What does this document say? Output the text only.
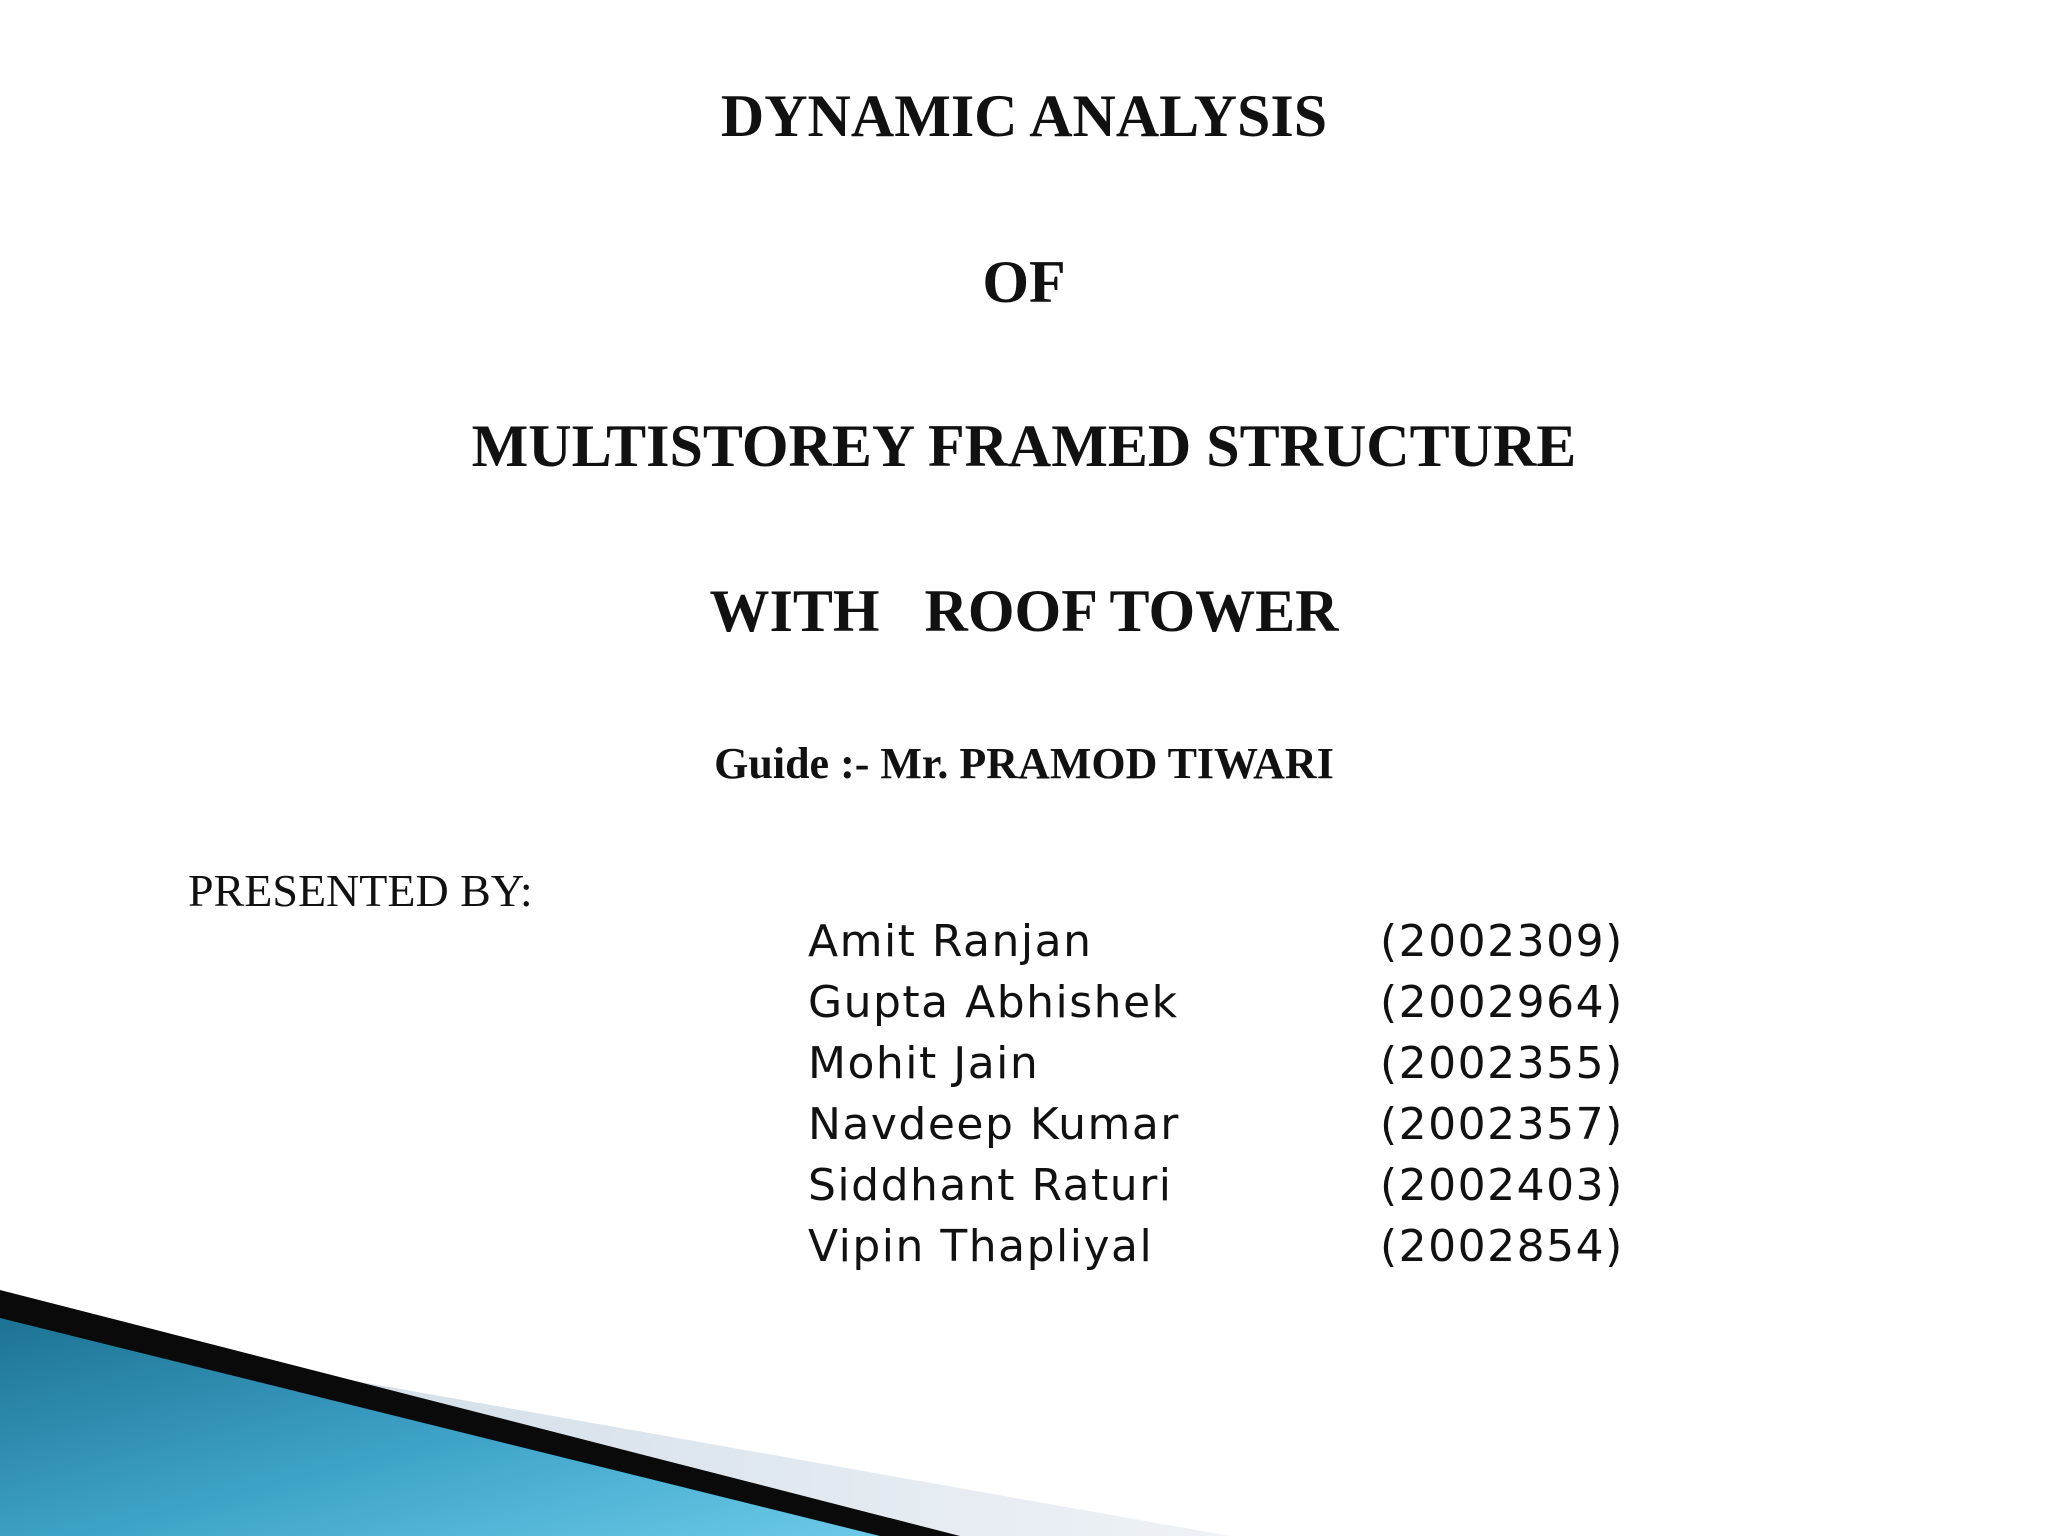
DYNAMIC ANALYSIS
OF
MULTISTOREY FRAMED STRUCTURE
WITH   ROOF TOWER
Guide :- Mr. PRAMOD TIWARI
PRESENTED BY:
Amit Ranjan	(2002309)
Gupta Abhishek	(2002964)
Mohit Jain	(2002355)
Navdeep Kumar	(2002357)
Siddhant Raturi	(2002403)
Vipin Thapliyal	(2002854)
